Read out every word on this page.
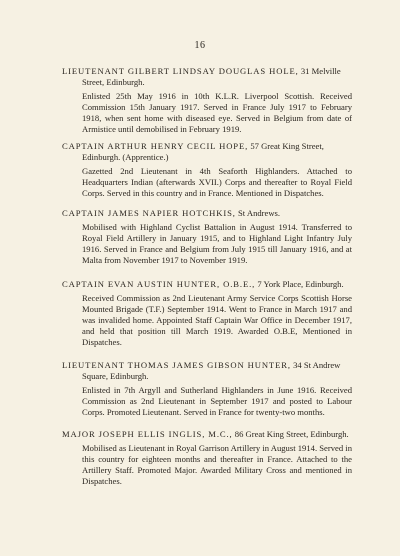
16

LIEUTENANT GILBERT LINDSAY DOUGLAS HOLE, 31 Melville
Street, Edinburgh.

Enlisted 25th May 1916 in 10th K.L.R. Liverpool Scottish. Received Commission 15th January 1917. Served in France July 1917 to February 1918, when sent home with diseased eye. Served in Belgium from date of Armistice until demobilised in February 1919.

CAPTAIN ARTHUR HENRY CECIL HOPE, 57 Great King Street,
Edinburgh. (Apprentice.)

Gazetted 2nd Lieutenant in 4th Seaforth Highlanders. Attached to Headquarters Indian (afterwards XVII.) Corps and thereafter to Royal Field Corps. Served in this country and in France. Mentioned in Dispatches.

CAPTAIN JAMES NAPIER HOTCHKIS, St Andrews.

Mobilised with Highland Cyclist Battalion in August 1914. Transferred to Royal Field Artillery in January 1915, and to Highland Light Infantry July 1916. Served in France and Belgium from July 1915 till January 1916, and at Malta from November 1917 to November 1919.

CAPTAIN EVAN AUSTIN HUNTER, O.B.E., 7 York Place, Edinburgh.

Received Commission as 2nd Lieutenant Army Service Corps Scottish Horse Mounted Brigade (T.F.) September 1914. Went to France in March 1917 and was invalided home. Appointed Staff Captain War Office in December 1917, and held that position till March 1919. Awarded O.B.E, Mentioned in Dispatches.

LIEUTENANT THOMAS JAMES GIBSON HUNTER, 34 St Andrew
Square, Edinburgh.

Enlisted in 7th Argyll and Sutherland Highlanders in June 1916. Received Commission as 2nd Lieutenant in September 1917 and posted to Labour Corps. Promoted Lieutenant. Served in France for twenty-two months.

MAJOR JOSEPH ELLIS INGLIS, M.C., 86 Great King Street, Edinburgh.

Mobilised as Lieutenant in Royal Garrison Artillery in August 1914. Served in this country for eighteen months and thereafter in France. Attached to the Artillery Staff. Promoted Major. Awarded Military Cross and mentioned in Dispatches.
